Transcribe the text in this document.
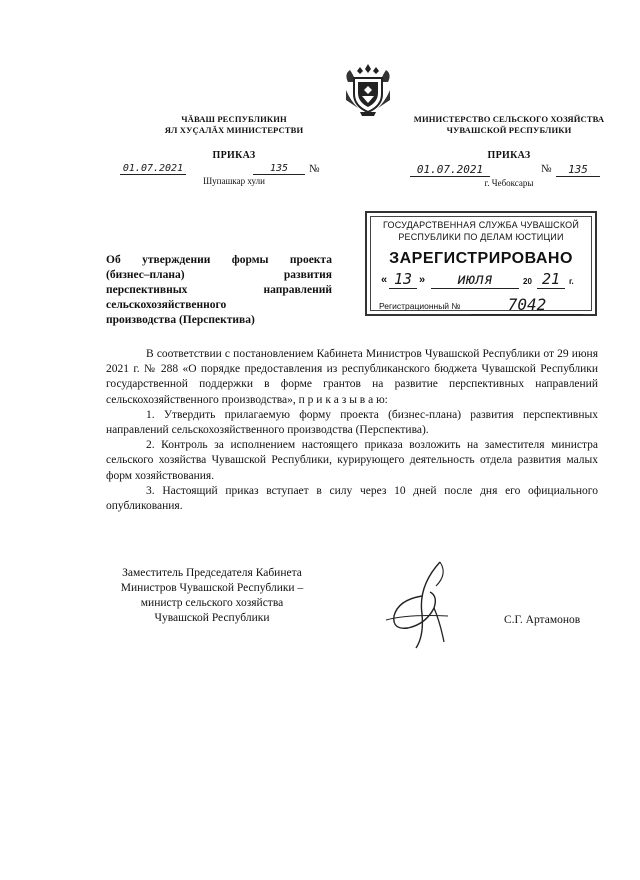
ЧĂВАШ РЕСПУБЛИКИН
ЯЛ ХУÇАЛĂХ МИНИСТЕРСТВИ
ПРИКАЗ
01.07.2021	135	№
Шупашкар хули
МИНИСТЕРСТВО СЕЛЬСКОГО ХОЗЯЙСТВА
ЧУВАШСКОЙ РЕСПУБЛИКИ
ПРИКАЗ
01.07.2021	№	135
г. Чебоксары
Об утверждении формы проекта
(бизнес–плана)	развития
перспективных	направлений
сельскохозяйственного
производства (Перспектива)
ГОСУДАРСТВЕННАЯ СЛУЖБА ЧУВАШСКОЙ
РЕСПУБЛИКИ ПО ДЕЛАМ ЮСТИЦИИ
ЗАРЕГИСТРИРОВАНО
« 13 »	июля	20 21	г.
Регистрационный №	7042

В соответствии с постановлением Кабинета Министров Чувашской Республики от 29 июня 2021 г. № 288 «О порядке предоставления из республиканского бюджета Чувашской Республики государственной поддержки в форме грантов на развитие перспективных направлений сельскохозяйственного производства», п р и к а з ы в а ю:

1. Утвердить прилагаемую форму проекта (бизнес-плана) развития перспективных направлений сельскохозяйственного производства (Перспектива).

2. Контроль за исполнением настоящего приказа возложить на заместителя министра сельского хозяйства Чувашской Республики, курирующего деятельность отдела развития малых форм хозяйствования.

3. Настоящий приказ вступает в силу через 10 дней после дня его официального опубликования.

Заместитель Председателя Кабинета
Министров Чувашской Республики –
министр сельского хозяйства
Чувашской Республики	С.Г. Артамонов
